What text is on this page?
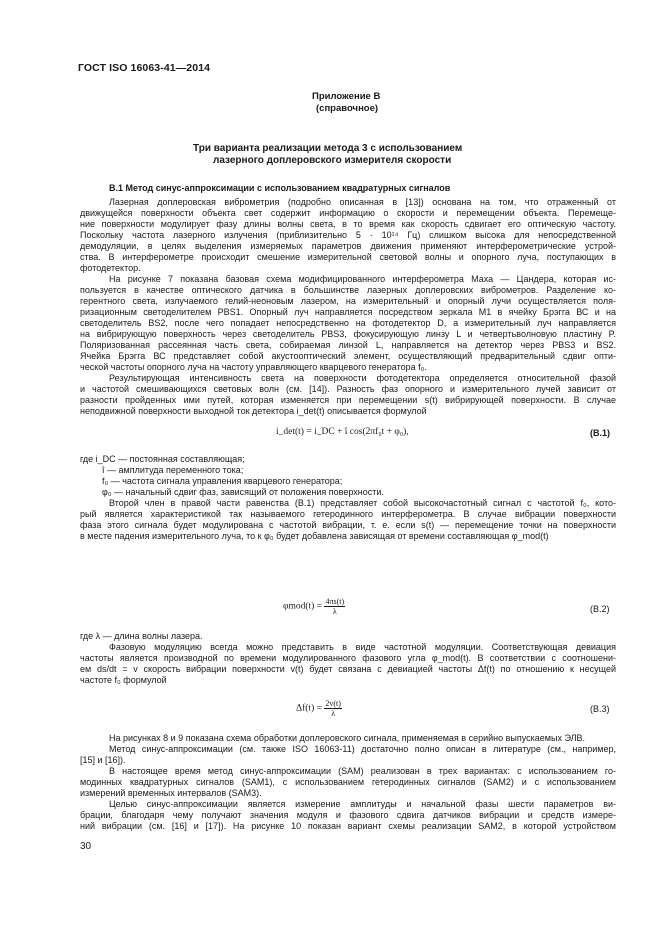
ГОСТ ISO 16063-41—2014
Приложение В
(справочное)
Три варианта реализации метода 3 с использованием
лазерного доплеровского измерителя скорости
В.1 Метод синус-аппроксимации с использованием квадратурных сигналов
Лазерная доплеровская виброметрия (подробно описанная в [13]) основана на том, что отраженный от
движущейся поверхности объекта свет содержит информацию о скорости и перемещении объекта. Перемеще-
ние поверхности модулирует фазу длины волны света, в то время как скорость сдвигает его оптическую частоту.
Поскольку частота лазерного излучения (приблизительно 5 · 10¹⁴ Гц) слишком высока для непосредственной
демодуляции, в целях выделения измеряемых параметров движения применяют интерферометрические устрой-
ства. В интерферометре происходит смешение измерительной световой волны и опорного луча, поступающих в
фотодетектор.
На рисунке 7 показана базовая схема модифицированного интерферометра Маха — Цандера, которая ис-
пользуется в качестве оптического датчика в большинстве лазерных доплеровских виброметров. Разделение ко-
герентного света, излучаемого гелий-неоновым лазером, на измерительный и опорный лучи осуществляется поля-
ризационным светоделителем PBS1. Опорный луч направляется посредством зеркала M1 в ячейку Брэгга ВС и на
светоделитель BS2, после чего попадает непосредственно на фотодетектор D, а измерительный луч направляется
на вибрирующую поверхность через светоделитель PBS3, фокусирующую линзу L и четвертьволновую пластину P.
Поляризованная рассеянная часть света, собираемая линзой L, направляется на детектор через PBS3 и BS2.
Ячейка Брэгга ВС представляет собой акустооптический элемент, осуществляющий предварительный сдвиг опти-
ческой частоты опорного луча на частоту управляющего кварцевого генератора f₀.
Результирующая интенсивность света на поверхности фотодетектора определяется относительной фазой
и частотой смешивающихся световых волн (см. [14]). Разность фаз опорного и измерительного лучей зависит от
разности пройденных ими путей, которая изменяется при перемещении s(t) вибрирующей поверхности. В случае
неподвижной поверхности выходной ток детектора i_det(t) описывается формулой
i_det(t) = i_DC + î cos(2πf₀t + φ₀),	(В.1)
где i_DC — постоянная составляющая;
î — амплитуда переменного тока;
f₀ — частота сигнала управления кварцевого генератора;
φ₀ — начальный сдвиг фаз, зависящий от положения поверхности.
Второй член в правой части равенства (В.1) представляет собой высокочастотный сигнал с частотой f₀, кото-
рый является характеристикой так называемого гетеродинного интерферометра. В случае вибрации поверхности
фаза этого сигнала будет модулирована с частотой вибрации, т. е. если s(t) — перемещение точки на поверхности
в месте падения измерительного луча, то к φ₀ будет добавлена зависящая от времени составляющая φ_mod(t)
$\varphi mod(t) = \frac{4\pi s(t)}{\lambda}$	(В.2)
где λ — длина волны лазера.
Фазовую модуляцию всегда можно представить в виде частотной модуляции. Соответствующая девиация
частоты является производной по времени модулированного фазового угла φ_mod(t). В соответствии с соотношени-
ем ds/dt = v скорость вибрации поверхности v(t) будет связана с девиацией частоты Δf(t) по отношению к несущей
частоте f₀ формулой
$\Delta f(t) = \frac{2v(t)}{\lambda}$	(В.3)
На рисунках 8 и 9 показана схема обработки доплеровского сигнала, применяемая в серийно выпускаемых ЭЛВ.
Метод синус-аппроксимации (см. также ISO 16063-11) достаточно полно описан в литературе (см., например,
[15] и [16]).
В настоящее время метод синус-аппроксимации (SAM) реализован в трех вариантах: с использованием го-
модинных квадратурных сигналов (SAM1), с использованием гетеродинных сигналов (SAM2) и с использованием
измерений временных интервалов (SAM3).
Целью синус-аппроксимации является измерение амплитуды и начальной фазы шести параметров ви-
брации, благодаря чему получают значения модуля и фазового сдвига датчиков вибрации и средств измере-
ний вибрации (см. [16] и [17]). На рисунке 10 показан вариант схемы реализации SAM2, в которой устройством
30
